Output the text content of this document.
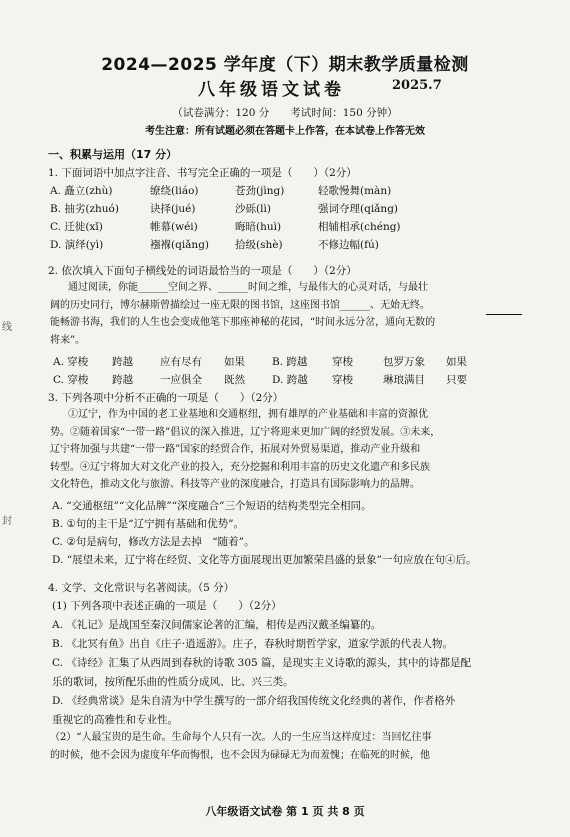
2024—2025 学年度（下）期末教学质量检测
八年级语文试卷	2025.7
（试卷满分：120 分　　考试时间：150 分钟）
考生注意：所有试题必须在答题卡上作答，在本试卷上作答无效
一、积累与运用（17 分）
1. 下面词语中加点字注音、书写完全正确的一项是（　　）（2分）
A. 矗立(zhù)	缭绕(liáo)	苍劲(jìng)	轻歌慢舞(màn)
B. 抽劣(zhuó)	诀择(jué)	沙砾(lì)	强词夺理(qiǎng)
C. 迁徙(xǐ)	帷幕(wéi)	晦暗(huì)	相辅相承(chéng)
D. 演绎(yì)	襁褓(qiǎng) 拾级(shè)	不修边幅(fú)
2. 依次填入下面句子横线处的词语最恰当的一项是（　　）（2分）
通过阅读，你能______空间之界、______时间之维，与最伟大的心灵对话，与最壮
阔的历史同行，博尔赫斯曾描绘过一座无限的图书馆，这座图书馆______、无始无终。
能畅游书海，我们的人生也会变成他笔下那座神秘的花园，“时间永远分岔，通向无数的
将来”。
A. 穿梭 跨越	应有尽有 如果	B. 跨越 穿梭	包罗万象 如果
C. 穿梭 跨越	一应俱全 既然	D. 跨越 穿梭	琳琅满目 只要
3. 下列各项中分析不正确的一项是（　　）（2分）
①辽宁，作为中国的老工业基地和交通枢纽，拥有雄厚的产业基础和丰富的资源优
势。②随着国家“一带一路”倡议的深入推进，辽宁将迎来更加广阔的经贸发展。③未来，
辽宁将加强与共建“一带一路”国家的经贸合作，拓展对外贸易渠道，推动产业升级和
转型。④辽宁将加大对文化产业的投入，充分挖掘和利用丰富的历史文化遗产和多民族
文化特色，推动文化与旅游、科技等产业的深度融合，打造具有国际影响力的品牌。
A. “交通枢纽”“文化品牌”“深度融合”三个短语的结构类型完全相同。
B. ①句的主干是“辽宁拥有基础和优势”。
C. ②句是病句，修改方法是去掉　“随着”。
D. “展望未来，辽宁将在经贸、文化等方面展现出更加繁荣昌盛的景象”一句应放在句④后。
4. 文学、文化常识与名著阅读。（5 分）
(1) 下列各项中表述正确的一项是（　　）（2分）
A. 《礼记》是战国至秦汉间儒家论著的汇编，相传是西汉戴圣编纂的。
B. 《北冥有鱼》出自《庄子·逍遥游》。庄子，春秋时期哲学家，道家学派的代表人物。
C. 《诗经》汇集了从西周到春秋的诗歌 305 篇，是现实主义诗歌的源头，其中的诗都是配
乐的歌词，按所配乐曲的性质分成风、比、兴三类。
D. 《经典常谈》是朱自清为中学生撰写的一部介绍我国传统文化经典的著作，作者格外
重视它的高雅性和专业性。
（2）“人最宝贵的是生命。生命每个人只有一次。人的一生应当这样度过：当回忆往事
的时候，他不会因为虚度年华而悔恨，也不会因为碌碌无为而羞愧；在临死的时候，他
八年级语文试卷 第 1 页 共 8 页
线
封
